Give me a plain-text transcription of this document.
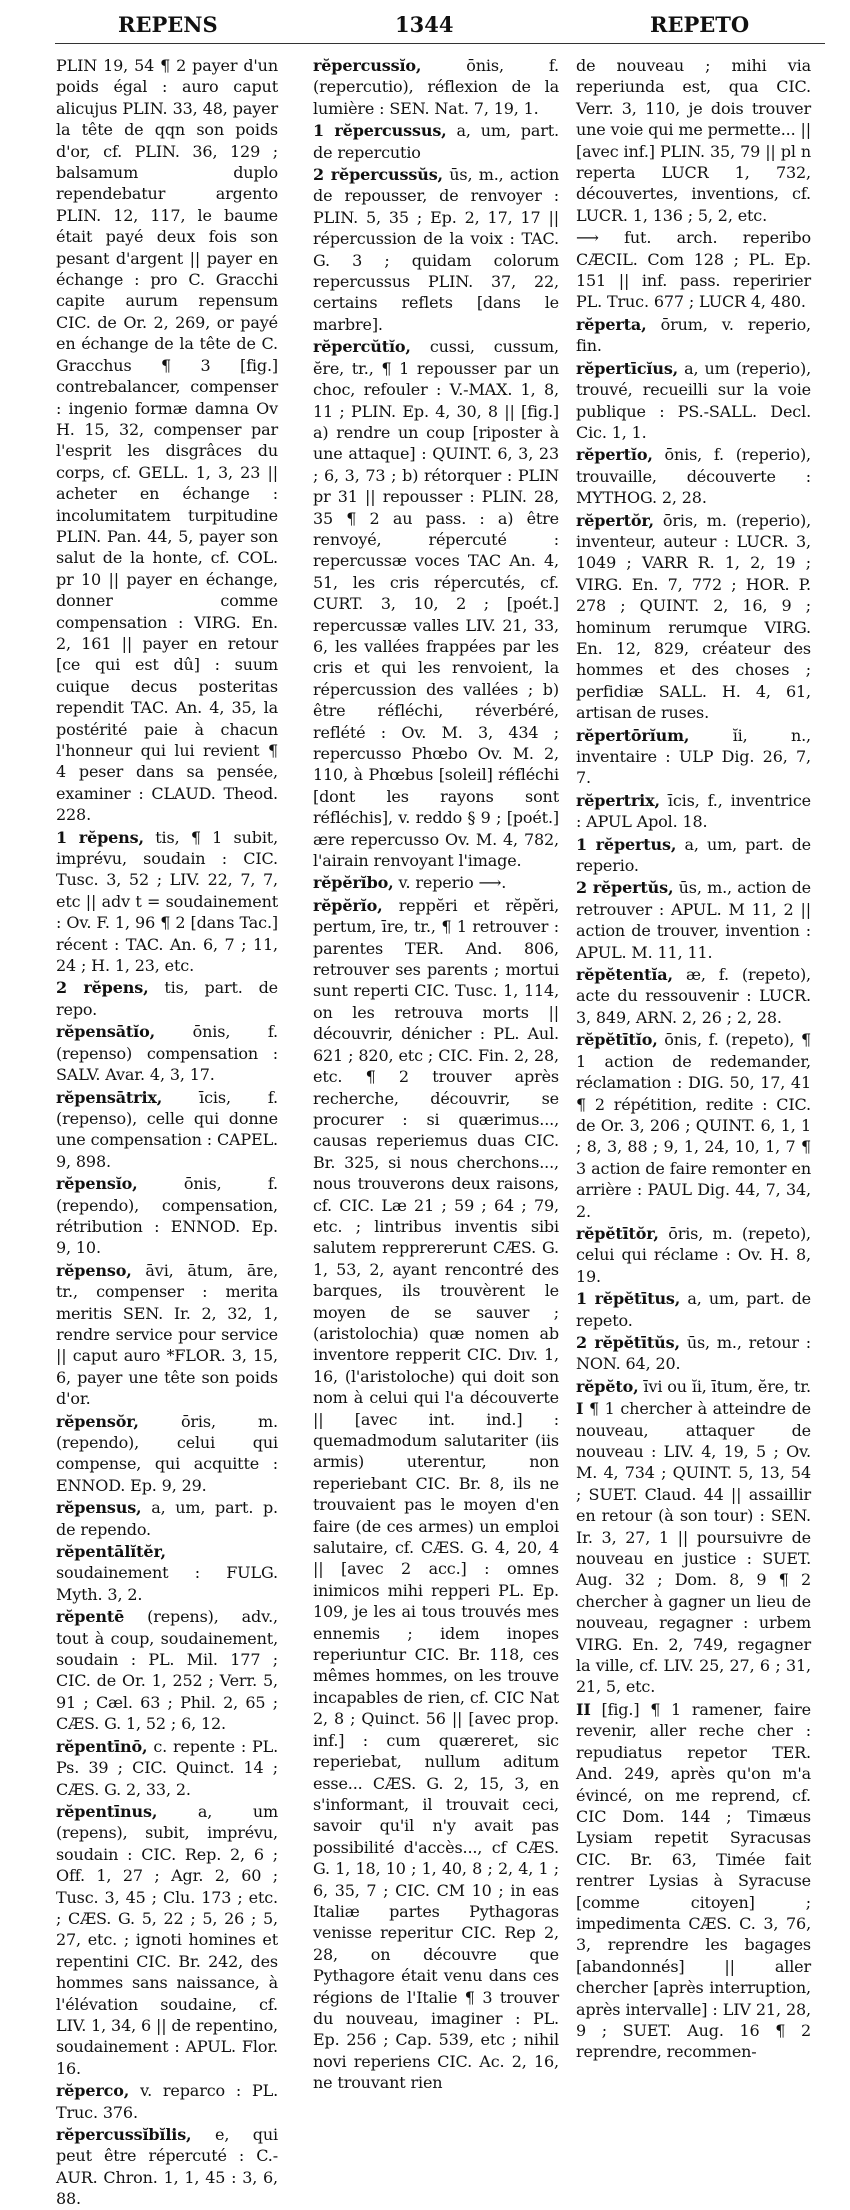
REPENS	1344	REPETO
PLIN 19, 54 ¶ 2 payer d'un poids égal : auro caput alicujus PLIN. 33, 48, payer la tête de qqn son poids d'or, cf. PLIN. 36, 129 ; balsamum duplo rependebatur argento PLIN. 12, 117, le baume était payé deux fois son pesant d'argent || payer en échange : pro C. Gracchi capite aurum repensum CIC. de Or. 2, 269, or payé en échange de la tête de C. Gracchus ¶ 3 [fig.] contrebalancer, compenser : ingenio formæ damna Ov H. 15, 32, compenser par l'esprit les disgrâces du corps, cf. GELL. 1, 3, 23 || acheter en échange : incolumitatem turpitudine PLIN. Pan. 44, 5, payer son salut de la honte, cf. COL. pr 10 || payer en échange, donner comme compensation : VIRG. En. 2, 161 || payer en retour [ce qui est dû] : suum cuique decus posteritas rependit TAC. An. 4, 35, la postérité paie à chacun l'honneur qui lui revient ¶ 4 peser dans sa pensée, examiner : CLAUD. Theod. 228.
1 rĕpens, tis, ¶ 1 subit, imprévu, soudain : CIC. Tusc. 3, 52 ; LIV. 22, 7, 7, etc || adv t = soudainement : Ov. F. 1, 96 ¶ 2 [dans Tac.] récent : TAC. An. 6, 7 ; 11, 24 ; H. 1, 23, etc.
2 rĕpens, tis, part. de repo.
rĕpensātĭo, ōnis, f. (repenso) compensation : SALV. Avar. 4, 3, 17.
rĕpensātrix, īcis, f. (repenso), celle qui donne une compensation : CAPEL. 9, 898.
rĕpensĭo,	ōnis, f. (rependo), compensation, rétribution : ENNOD. Ep. 9, 10.
rĕpenso, āvi, ātum, āre, tr., compenser : merita meritis SEN. Ir. 2, 32, 1, rendre service pour service || caput auro *FLOR. 3, 15, 6, payer une tête son poids d'or.
rĕpensŏr,	ōris, m. (rependo), celui qui compense, qui acquitte : ENNOD. Ep. 9, 29.
rĕpensus, a, um, part. p. de rependo.
rĕpentālĭtĕr, soudainement : FULG. Myth. 3, 2.
rĕpentē (repens), adv., tout à coup, soudainement, soudain : PL. Mil. 177 ; CIC. de Or. 1, 252 ; Verr. 5, 91 ; Cæl. 63 ; Phil. 2, 65 ; CÆS. G. 1, 52 ; 6, 12.
rĕpentīnō, c. repente : PL. Ps. 39 ; CIC. Quinct. 14 ; CÆS. G. 2, 33, 2.
rĕpentīnus,	a, um (repens), subit, imprévu, soudain : CIC. Rep. 2, 6 ; Off. 1, 27 ; Agr. 2, 60 ; Tusc. 3, 45 ; Clu. 173 ; etc. ; CÆS. G. 5, 22 ; 5, 26 ; 5, 27, etc. ; ignoti homines et repentini CIC. Br. 242, des hommes sans naissance, à l'élévation soudaine, cf. LIV. 1, 34, 6 || de repentino, soudainement : APUL. Flor. 16.
rĕperco, v. reparco : PL. Truc. 376.
rĕpercussĭbĭlis, e, qui peut être répercuté : C.-AUR. Chron. 1, 1, 45 : 3, 6, 88.
rĕpercussĭo,	ōnis, f. (repercutio), réflexion de la lumière : SEN. Nat. 7, 19, 1.
1 rĕpercussus, a, um, part. de repercutio
2 rĕpercussŭs, ūs, m., action de repousser, de renvoyer : PLIN. 5, 35 ; Ep. 2, 17, 17 || répercussion de la voix : TAC. G. 3 ; quidam colorum repercussus PLIN. 37, 22, certains reflets [dans le marbre].
rĕpercŭtĭo, cussi, cussum, ĕre, tr., ¶ 1 repousser par un choc, refouler : V.-MAX. 1, 8, 11 ; PLIN. Ep. 4, 30, 8 || [fig.] a) rendre un coup [riposter à une attaque] : QUINT. 6, 3, 23 ; 6, 3, 73 ; b) rétorquer : PLIN pr 31 || repousser : PLIN. 28, 35 ¶ 2 au pass. : a) être renvoyé, répercuté : repercussæ voces TAC An. 4, 51, les cris répercutés, cf. CURT. 3, 10, 2 ; [poét.] repercussæ valles LIV. 21, 33, 6, les vallées frappées par les cris et qui les renvoient, la répercussion des vallées ; b) être réfléchi, réverbéré, reflété : Ov. M. 3, 434 ; repercusso Phœbo Ov. M. 2, 110, à Phœbus [soleil] réfléchi [dont les rayons sont réfléchis], v. reddo § 9 ; [poét.] ære repercusso Ov. M. 4, 782, l'airain renvoyant l'image.
rĕpĕrĭbo, v. reperio ⟶.
rĕpĕrĭo, reppĕri et rĕpĕri, pertum, īre, tr., ¶ 1 retrouver : parentes TER. And. 806, retrouver ses parents ; mortui sunt reperti CIC. Tusc. 1, 114, on les retrouva morts || découvrir, dénicher : PL. Aul. 621 ; 820, etc ; CIC. Fin. 2, 28, etc. ¶ 2 trouver après recherche, découvrir, se procurer : si quærimus..., causas reperiemus duas CIC. Br. 325, si nous cherchons..., nous trouverons deux raisons, cf. CIC. Læ 21 ; 59 ; 64 ; 79, etc. ; lintribus inventis sibi salutem repprererunt CÆS. G. 1, 53, 2, ayant rencontré des barques, ils trouvèrent le moyen de se sauver ; (aristolochia) quæ nomen ab inventore repperit CIC. Dıv. 1, 16, (l'aristoloche) qui doit son nom à celui qui l'a découverte || [avec int. ind.] : quemadmodum salutariter (iis armis) uterentur, non reperiebant CIC. Br. 8, ils ne trouvaient pas le moyen d'en faire (de ces armes) un emploi salutaire, cf. CÆS. G. 4, 20, 4 || [avec 2 acc.] : omnes inimicos mihi repperi PL. Ep. 109, je les ai tous trouvés mes ennemis ; idem inopes reperiuntur CIC. Br. 118, ces mêmes hommes, on les trouve incapables de rien, cf. CIC Nat 2, 8 ; Quinct. 56 || [avec prop. inf.] : cum quæreret, sic reperiebat, nullum aditum esse... CÆS. G. 2, 15, 3, en s'informant, il trouvait ceci, savoir qu'il n'y avait pas possibilité d'accès..., cf CÆS. G. 1, 18, 10 ; 1, 40, 8 ; 2, 4, 1 ; 6, 35, 7 ; CIC. CM 10 ; in eas Italiæ partes Pythagoras venisse reperitur CIC. Rep 2, 28, on découvre que Pythagore était venu dans ces régions de l'Italie ¶ 3 trouver du nouveau, imaginer : PL. Ep. 256 ; Cap. 539, etc ; nihil novi reperiens CIC. Ac. 2, 16, ne trouvant rien
de nouveau ; mihi via reperiunda est, qua CIC. Verr. 3, 110, je dois trouver une voie qui me permette... || [avec inf.] PLIN. 35, 79 || pl n reperta LUCR 1, 732, découvertes, inventions, cf. LUCR. 1, 136 ; 5, 2, etc.
⟶ fut. arch. reperibo CÆCIL. Com 128 ; PL. Ep. 151 || inf. pass. reperirier PL. Truc. 677 ; LUCR 4, 480.
rĕperta, ōrum, v. reperio, fin.
rĕpertīcĭus, a, um (reperio), trouvé, recueilli sur la voie publique : PS.-SALL. Decl. Cic. 1, 1.
rĕpertĭo, ōnis, f. (reperio), trouvaille, découverte : MYTHOG. 2, 28.
rĕpertŏr, ōris, m. (reperio), inventeur, auteur : LUCR. 3, 1049 ; VARR R. 1, 2, 19 ; VIRG. En. 7, 772 ; HOR. P. 278 ; QUINT. 2, 16, 9 ; hominum rerumque VIRG. En. 12, 829, créateur des hommes et des choses ; perfidiæ SALL. H. 4, 61, artisan de ruses.
rĕpertōrĭum,	ĭi, n., inventaire : ULP Dig. 26, 7, 7.
rĕpertrix, īcis, f., inventrice : APUL Apol. 18.
1 rĕpertus, a, um, part. de reperio.
2 rĕpertŭs, ūs, m., action de retrouver : APUL. M 11, 2 || action de trouver, invention : APUL. M. 11, 11.
rĕpĕtentĭa, æ, f. (repeto), acte du ressouvenir : LUCR. 3, 849, ARN. 2, 26 ; 2, 28.
rĕpĕtītĭo, ōnis, f. (repeto), ¶ 1 action de redemander, réclamation : DIG. 50, 17, 41 ¶ 2 répétition, redite : CIC. de Or. 3, 206 ; QUINT. 6, 1, 1 ; 8, 3, 88 ; 9, 1, 24, 10, 1, 7 ¶ 3 action de faire remonter en arrière : PAUL Dig. 44, 7, 34, 2.
rĕpĕtītŏr, ōris, m. (repeto), celui qui réclame : Ov. H. 8, 19.
1 rĕpĕtītus, a, um, part. de repeto.
2 rĕpĕtītŭs, ūs, m., retour : NON. 64, 20.
rĕpĕto, īvi ou ĭi, ītum, ĕre, tr.
I ¶ 1 chercher à atteindre de nouveau, attaquer de nouveau : LIV. 4, 19, 5 ; Ov. M. 4, 734 ; QUINT. 5, 13, 54 ; SUET. Claud. 44 || assaillir en retour (à son tour) : SEN. Ir. 3, 27, 1 || poursuivre de nouveau en justice : SUET. Aug. 32 ; Dom. 8, 9 ¶ 2 chercher à gagner un lieu de nouveau, regagner : urbem VIRG. En. 2, 749, regagner la ville, cf. LIV. 25, 27, 6 ; 31, 21, 5, etc.
II [fig.] ¶ 1 ramener, faire revenir, aller reche cher : repudiatus repetor TER. And. 249, après qu'on m'a évincé, on me reprend, cf. CIC Dom. 144 ; Timæus Lysiam repetit Syracusas CIC. Br. 63, Timée fait rentrer Lysias à Syracuse [comme citoyen] ; impedimenta CÆS. C. 3, 76, 3, reprendre les bagages [abandonnés] || aller chercher [après interruption, après intervalle] : LIV 21, 28, 9 ; SUET. Aug. 16 ¶ 2 reprendre, recommen-
